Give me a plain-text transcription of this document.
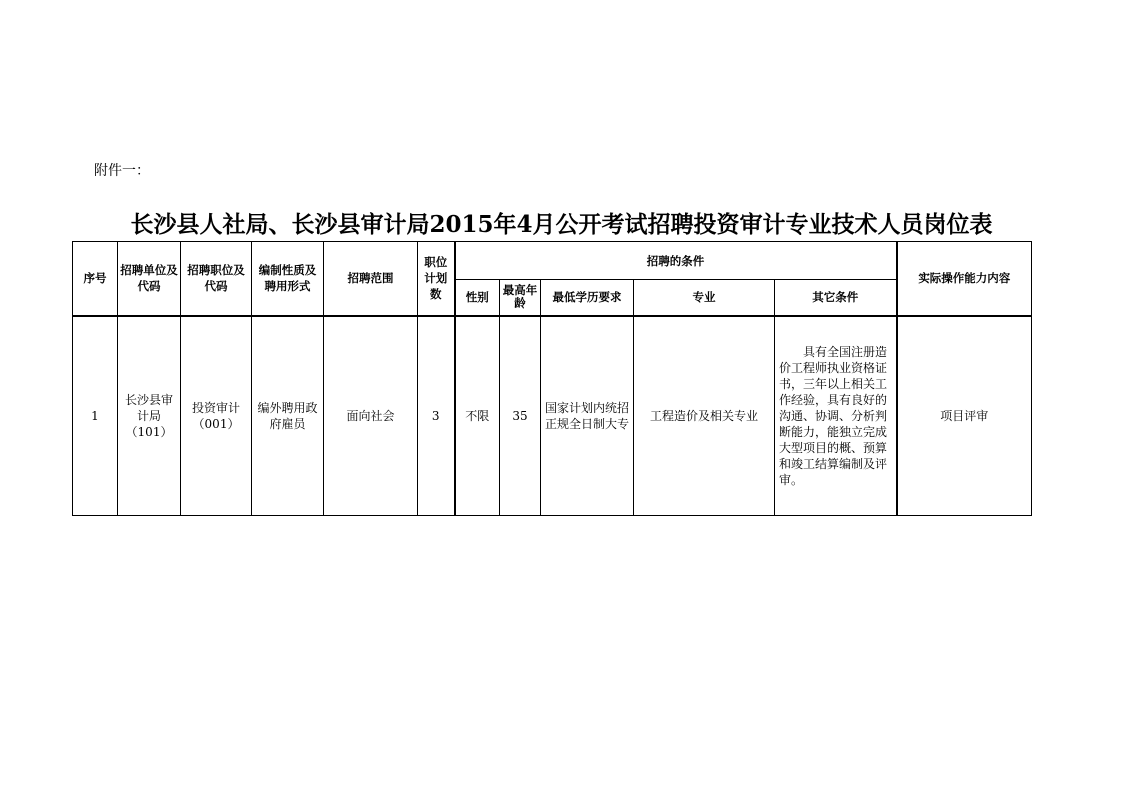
附件一：
长沙县人社局、长沙县审计局2015年4月公开考试招聘投资审计专业技术人员岗位表
序号	招聘单位及代码	招聘职位及代码	编制性质及聘用形式	招聘范围	职位计划数	招聘的条件					实际操作能力内容
						性别	最高年龄	最低学历要求	专业	其它条件	
1	长沙县审计局（101）	投资审计（001）	编外聘用政府雇员	面向社会	3	不限	35	国家计划内统招正规全日制大专	工程造价及相关专业	　　具有全国注册造价工程师执业资格证书，三年以上相关工作经验，具有良好的沟通、协调、分析判断能力，能独立完成大型项目的概、预算和竣工结算编制及评审。	项目评审
